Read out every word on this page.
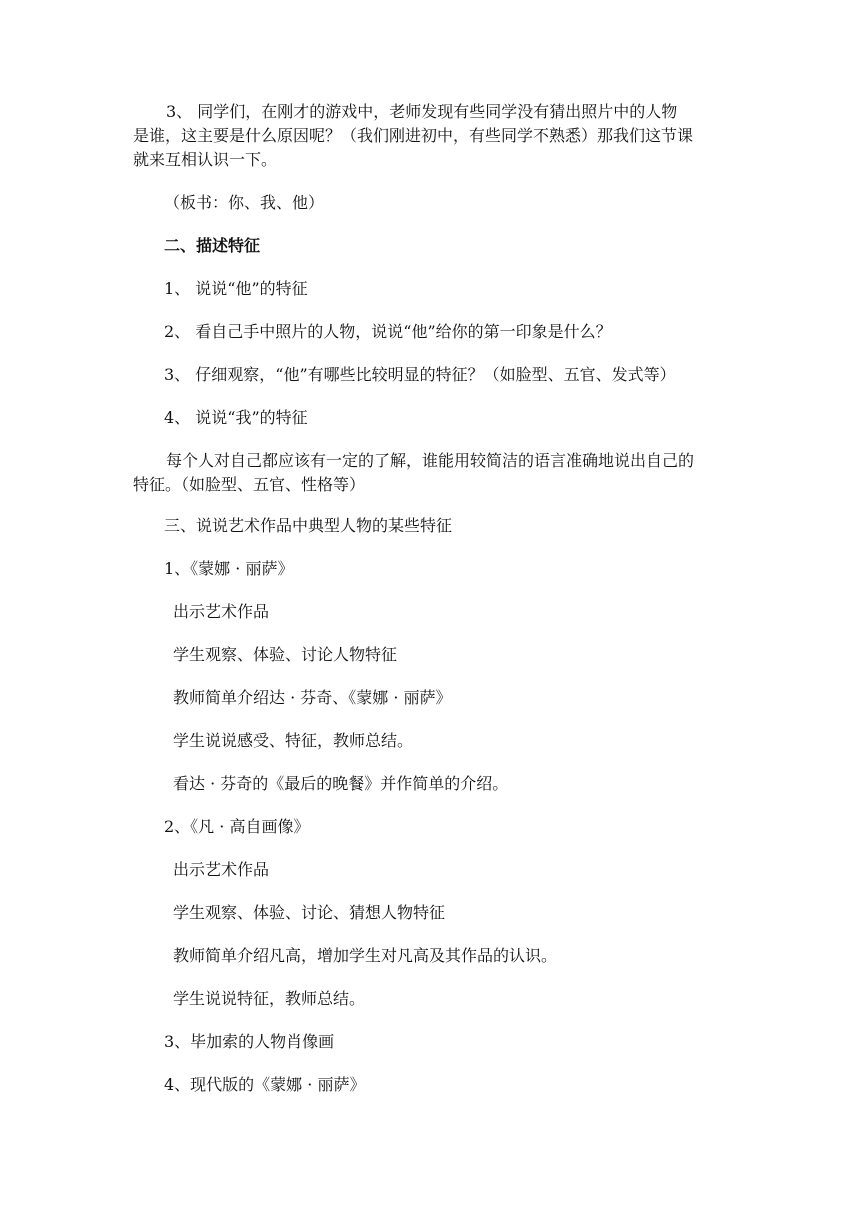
3、 同学们，在刚才的游戏中，老师发现有些同学没有猜出照片中的人物
是谁，这主要是什么原因呢？（我们刚进初中，有些同学不熟悉）那我们这节课
就来互相认识一下。
（板书：你、我、他）
二、描述特征
1、 说说“他”的特征
2、 看自己手中照片的人物，说说“他”给你的第一印象是什么？
3、 仔细观察，“他”有哪些比较明显的特征？（如脸型、五官、发式等）
4、 说说“我”的特征
每个人对自己都应该有一定的了解，谁能用较简洁的语言准确地说出自己的
特征。（如脸型、五官、性格等）
三、说说艺术作品中典型人物的某些特征
1、《蒙娜 · 丽萨》
出示艺术作品
学生观察、体验、讨论人物特征
教师简单介绍达 · 芬奇、《蒙娜 · 丽萨》
学生说说感受、特征，教师总结。
看达 · 芬奇的《最后的晚餐》并作简单的介绍。
2、《凡 · 高自画像》
出示艺术作品
学生观察、体验、讨论、猜想人物特征
教师简单介绍凡高，增加学生对凡高及其作品的认识。
学生说说特征，教师总结。
3、毕加索的人物肖像画
4、现代版的《蒙娜 · 丽萨》
